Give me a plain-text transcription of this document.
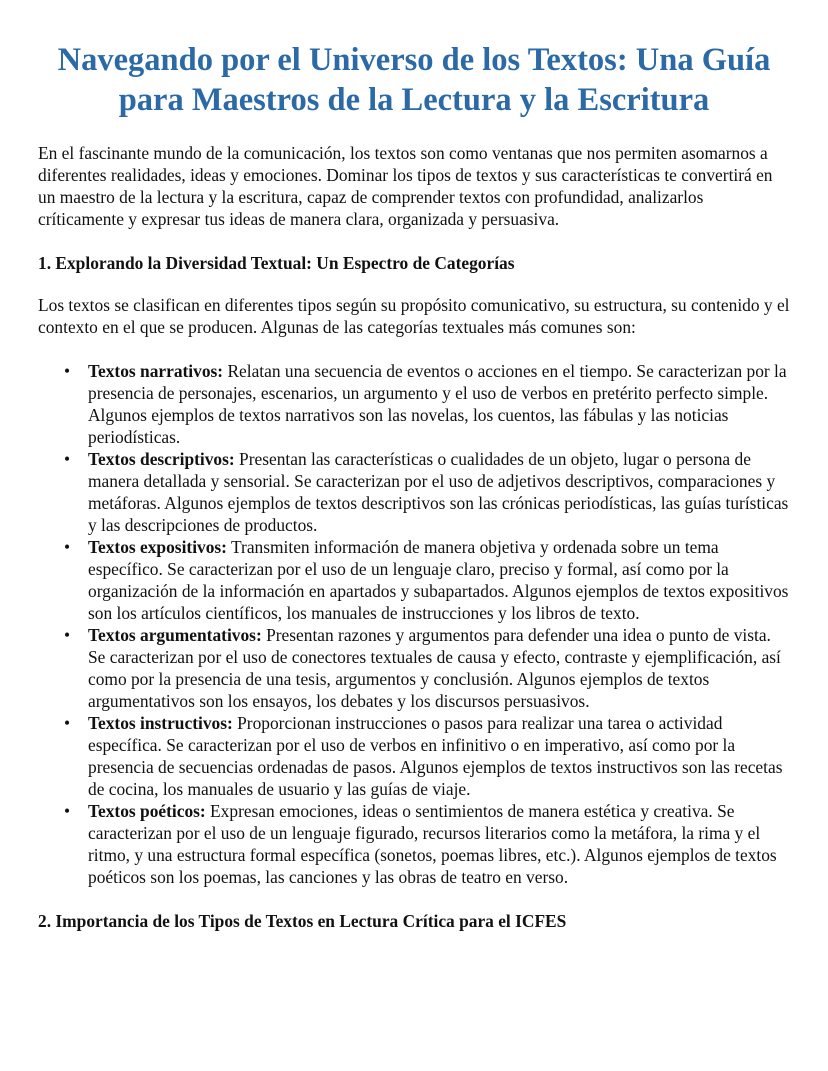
Navegando por el Universo de los Textos: Una Guía para Maestros de la Lectura y la Escritura

En el fascinante mundo de la comunicación, los textos son como ventanas que nos permiten asomarnos a diferentes realidades, ideas y emociones. Dominar los tipos de textos y sus características te convertirá en un maestro de la lectura y la escritura, capaz de comprender textos con profundidad, analizarlos críticamente y expresar tus ideas de manera clara, organizada y persuasiva.

1. Explorando la Diversidad Textual: Un Espectro de Categorías

Los textos se clasifican en diferentes tipos según su propósito comunicativo, su estructura, su contenido y el contexto en el que se producen. Algunas de las categorías textuales más comunes son:

• Textos narrativos: Relatan una secuencia de eventos o acciones en el tiempo. Se caracterizan por la presencia de personajes, escenarios, un argumento y el uso de verbos en pretérito perfecto simple. Algunos ejemplos de textos narrativos son las novelas, los cuentos, las fábulas y las noticias periodísticas.
• Textos descriptivos: Presentan las características o cualidades de un objeto, lugar o persona de manera detallada y sensorial. Se caracterizan por el uso de adjetivos descriptivos, comparaciones y metáforas. Algunos ejemplos de textos descriptivos son las crónicas periodísticas, las guías turísticas y las descripciones de productos.
• Textos expositivos: Transmiten información de manera objetiva y ordenada sobre un tema específico. Se caracterizan por el uso de un lenguaje claro, preciso y formal, así como por la organización de la información en apartados y subapartados. Algunos ejemplos de textos expositivos son los artículos científicos, los manuales de instrucciones y los libros de texto.
• Textos argumentativos: Presentan razones y argumentos para defender una idea o punto de vista. Se caracterizan por el uso de conectores textuales de causa y efecto, contraste y ejemplificación, así como por la presencia de una tesis, argumentos y conclusión. Algunos ejemplos de textos argumentativos son los ensayos, los debates y los discursos persuasivos.
• Textos instructivos: Proporcionan instrucciones o pasos para realizar una tarea o actividad específica. Se caracterizan por el uso de verbos en infinitivo o en imperativo, así como por la presencia de secuencias ordenadas de pasos. Algunos ejemplos de textos instructivos son las recetas de cocina, los manuales de usuario y las guías de viaje.
• Textos poéticos: Expresan emociones, ideas o sentimientos de manera estética y creativa. Se caracterizan por el uso de un lenguaje figurado, recursos literarios como la metáfora, la rima y el ritmo, y una estructura formal específica (sonetos, poemas libres, etc.). Algunos ejemplos de textos poéticos son los poemas, las canciones y las obras de teatro en verso.
2. Importancia de los Tipos de Textos en Lectura Crítica para el ICFES
